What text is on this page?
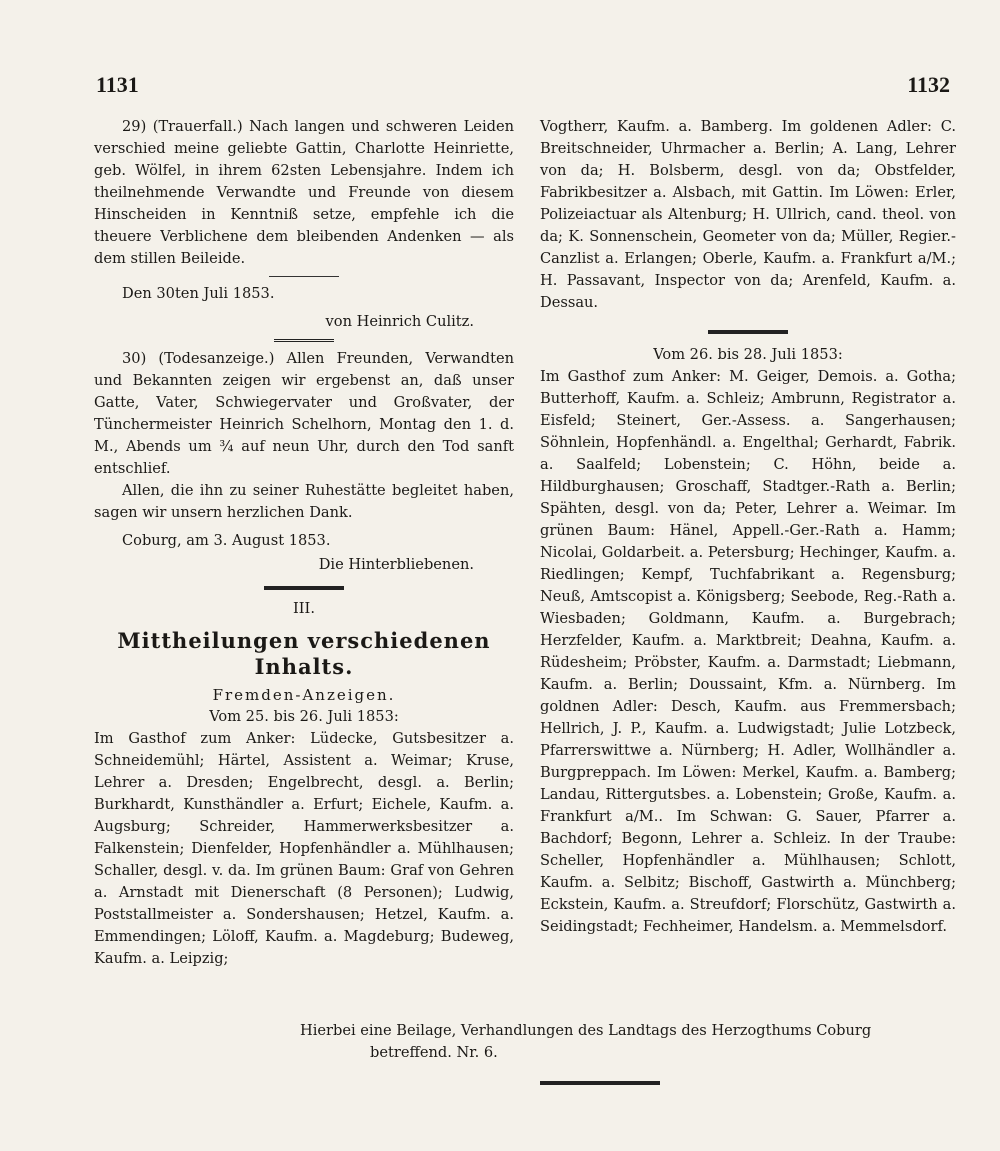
1131	1132

29) (Trauerfall.) Nach langen und schweren Leiden verschied meine geliebte Gattin, Charlotte Heinriette, geb. Wölfel, in ihrem 62sten Lebensjahre. Indem ich theilnehmende Verwandte und Freunde von diesem Hinscheiden in Kenntniß setze, empfehle ich die theuere Verblichene dem bleibenden Andenken — als dem stillen Beileide.

Den 30ten Juli 1853.

von Heinrich Culitz.

30) (Todesanzeige.) Allen Freunden, Verwandten und Bekannten zeigen wir ergebenst an, daß unser Gatte, Vater, Schwiegervater und Großvater, der Tünchermeister Heinrich Schelhorn, Montag den 1. d. M., Abends um ¾ auf neun Uhr, durch den Tod sanft entschlief.

Allen, die ihn zu seiner Ruhestätte begleitet haben, sagen wir unsern herzlichen Dank.

Coburg, am 3. August 1853.

Die Hinterbliebenen.

III.

Mittheilungen verschiedenen Inhalts.

Fremden-Anzeigen.

Vom 25. bis 26. Juli 1853:

Im Gasthof zum Anker: Lüdecke, Gutsbesitzer a. Schneidemühl; Härtel, Assistent a. Weimar; Kruse, Lehrer a. Dresden; Engelbrecht, desgl. a. Berlin; Burkhardt, Kunsthändler a. Erfurt; Eichele, Kaufm. a. Augsburg; Schreider, Hammerwerksbesitzer a. Falkenstein; Dienfelder, Hopfenhändler a. Mühlhausen; Schaller, desgl. v. da. Im grünen Baum: Graf von Gehren a. Arnstadt mit Dienerschaft (8 Personen); Ludwig, Poststallmeister a. Sondershausen; Hetzel, Kaufm. a. Emmendingen; Löloff, Kaufm. a. Magdeburg; Budeweg, Kaufm. a. Leipzig;

Vogtherr, Kaufm. a. Bamberg. Im goldenen Adler: C. Breitschneider, Uhrmacher a. Berlin; A. Lang, Lehrer von da; H. Bolsberm, desgl. von da; Obstfelder, Fabrikbesitzer a. Alsbach, mit Gattin. Im Löwen: Erler, Polizeiactuar als Altenburg; H. Ullrich, cand. theol. von da; K. Sonnenschein, Geometer von da; Müller, Regier.-Canzlist a. Erlangen; Oberle, Kaufm. a. Frankfurt a/M.; H. Passavant, Inspector von da; Arenfeld, Kaufm. a. Dessau.

Vom 26. bis 28. Juli 1853:

Im Gasthof zum Anker: M. Geiger, Demois. a. Gotha; Butterhoff, Kaufm. a. Schleiz; Ambrunn, Registrator a. Eisfeld; Steinert, Ger.-Assess. a. Sangerhausen; Söhnlein, Hopfenhändl. a. Engelthal; Gerhardt, Fabrik. a. Saalfeld; Lobenstein; C. Höhn, beide a. Hildburghausen; Groschaff, Stadtger.-Rath a. Berlin; Spähten, desgl. von da; Peter, Lehrer a. Weimar. Im grünen Baum: Hänel, Appell.-Ger.-Rath a. Hamm; Nicolai, Goldarbeit. a. Petersburg; Hechinger, Kaufm. a. Riedlingen; Kempf, Tuchfabrikant a. Regensburg; Neuß, Amtscopist a. Königsberg; Seebode, Reg.-Rath a. Wiesbaden; Goldmann, Kaufm. a. Burgebrach; Herzfelder, Kaufm. a. Marktbreit; Deahna, Kaufm. a. Rüdesheim; Pröbster, Kaufm. a. Darmstadt; Liebmann, Kaufm. a. Berlin; Doussaint, Kfm. a. Nürnberg. Im goldnen Adler: Desch, Kaufm. aus Fremmersbach; Hellrich, J. P., Kaufm. a. Ludwigstadt; Julie Lotzbeck, Pfarrerswittwe a. Nürnberg; H. Adler, Wollhändler a. Burgpreppach. Im Löwen: Merkel, Kaufm. a. Bamberg; Landau, Rittergutsbes. a. Lobenstein; Große, Kaufm. a. Frankfurt a/M.. Im Schwan: G. Sauer, Pfarrer a. Bachdorf; Begonn, Lehrer a. Schleiz. In der Traube: Scheller, Hopfenhändler a. Mühlhausen; Schlott, Kaufm. a. Selbitz; Bischoff, Gastwirth a. Münchberg; Eckstein, Kaufm. a. Streufdorf; Florschütz, Gastwirth a. Seidingstadt; Fechheimer, Handelsm. a. Memmelsdorf.

Hierbei eine Beilage, Verhandlungen des Landtags des Herzogthums Coburg

betreffend. Nr. 6.
